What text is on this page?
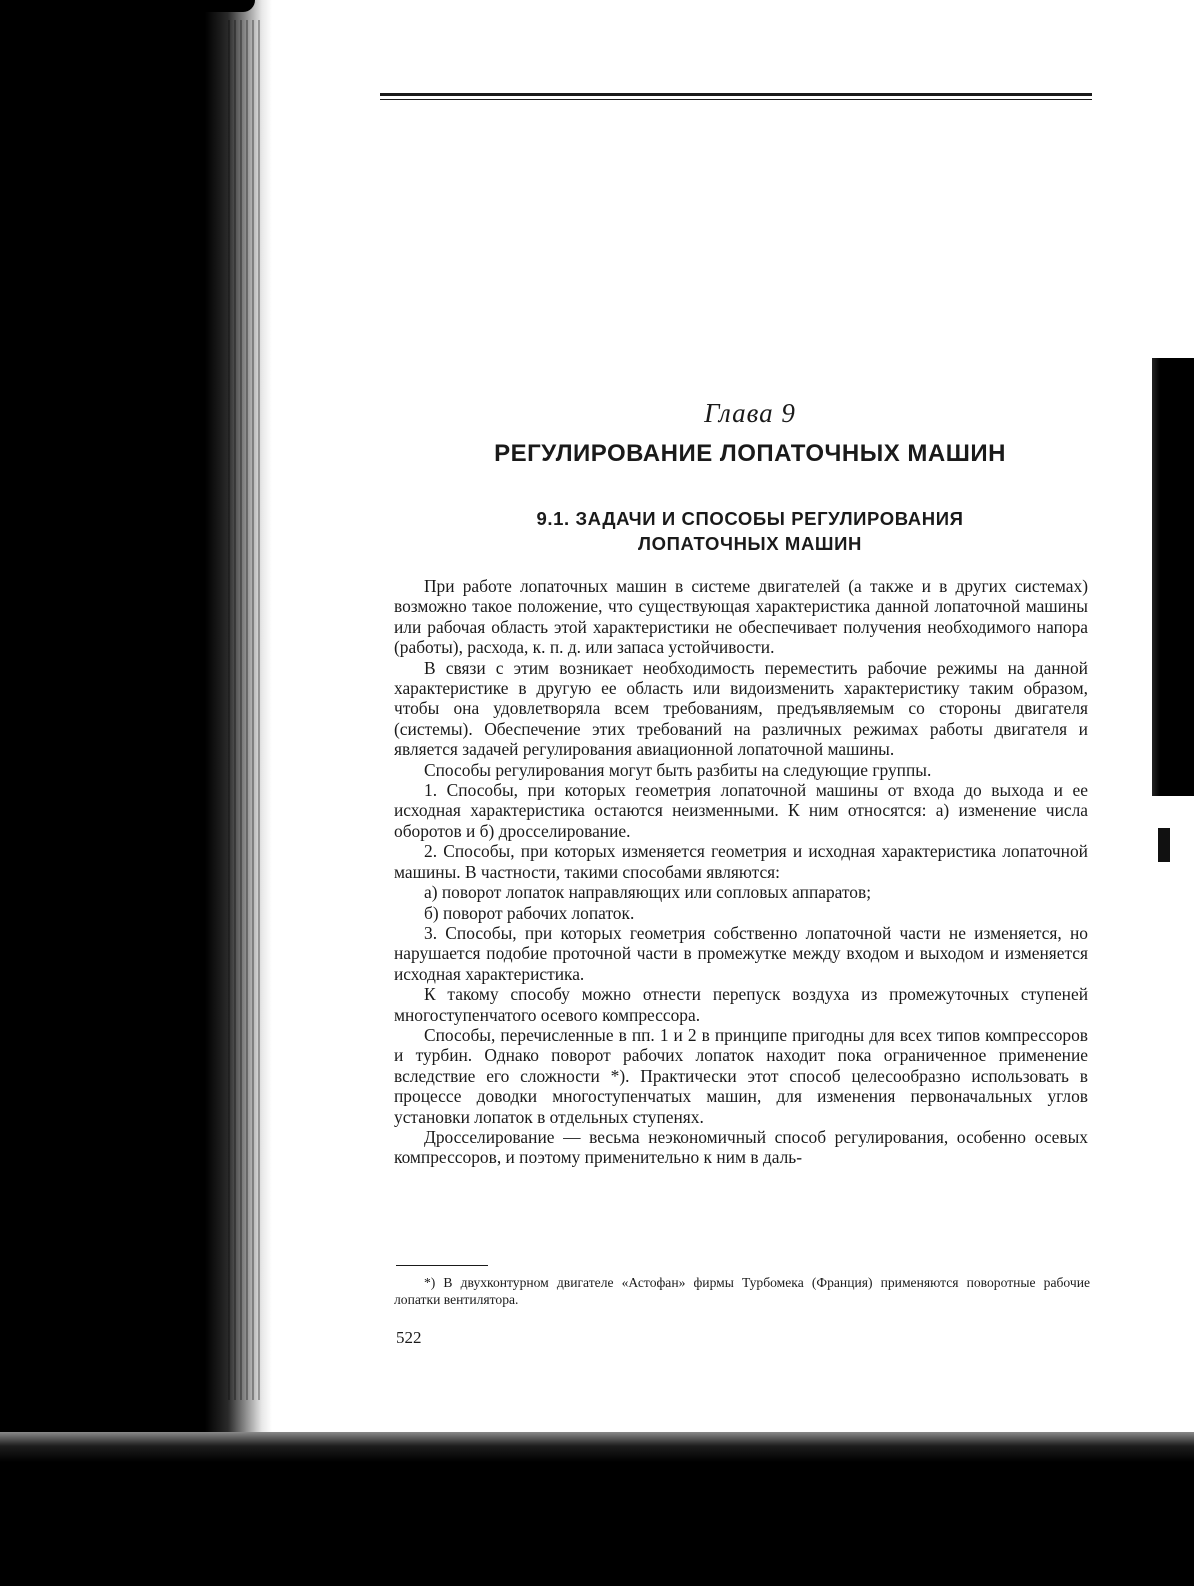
Глава 9
РЕГУЛИРОВАНИЕ ЛОПАТОЧНЫХ МАШИН
9.1. ЗАДАЧИ И СПОСОБЫ РЕГУЛИРОВАНИЯ
ЛОПАТОЧНЫХ МАШИН

При работе лопаточных машин в системе двигателей (а также и в других системах) возможно такое положение, что существующая характеристика данной лопаточной машины или рабочая область этой характеристики не обеспечивает получения необходимого напора (работы), расхода, к. п. д. или запаса устойчивости.

В связи с этим возникает необходимость переместить рабочие режимы на данной характеристике в другую ее область или видоизменить характеристику таким образом, чтобы она удовлетворяла всем требованиям, предъявляемым со стороны двигателя (системы). Обеспечение этих требований на различных режимах работы двигателя и является задачей регулирования авиационной лопаточной машины.

Способы регулирования могут быть разбиты на следующие группы.

1. Способы, при которых геометрия лопаточной машины от входа до выхода и ее исходная характеристика остаются неизменными. К ним относятся: а) изменение числа оборотов и б) дросселирование.

2. Способы, при которых изменяется геометрия и исходная характеристика лопаточной машины. В частности, такими способами являются:

а) поворот лопаток направляющих или сопловых аппаратов;

б) поворот рабочих лопаток.

3. Способы, при которых геометрия собственно лопаточной части не изменяется, но нарушается подобие проточной части в промежутке между входом и выходом и изменяется исходная характеристика.

К такому способу можно отнести перепуск воздуха из промежуточных ступеней многоступенчатого осевого компрессора.

Способы, перечисленные в пп. 1 и 2 в принципе пригодны для всех типов компрессоров и турбин. Однако поворот рабочих лопаток находит пока ограниченное применение вследствие его сложности *). Практически этот способ целесообразно использовать в процессе доводки многоступенчатых машин, для изменения первоначальных углов установки лопаток в отдельных ступенях.

Дросселирование — весьма неэкономичный способ регулирования, особенно осевых компрессоров, и поэтому применительно к ним в даль-

*) В двухконтурном двигателе «Астофан» фирмы Турбомека (Франция) применяются поворотные рабочие лопатки вентилятора.
522
